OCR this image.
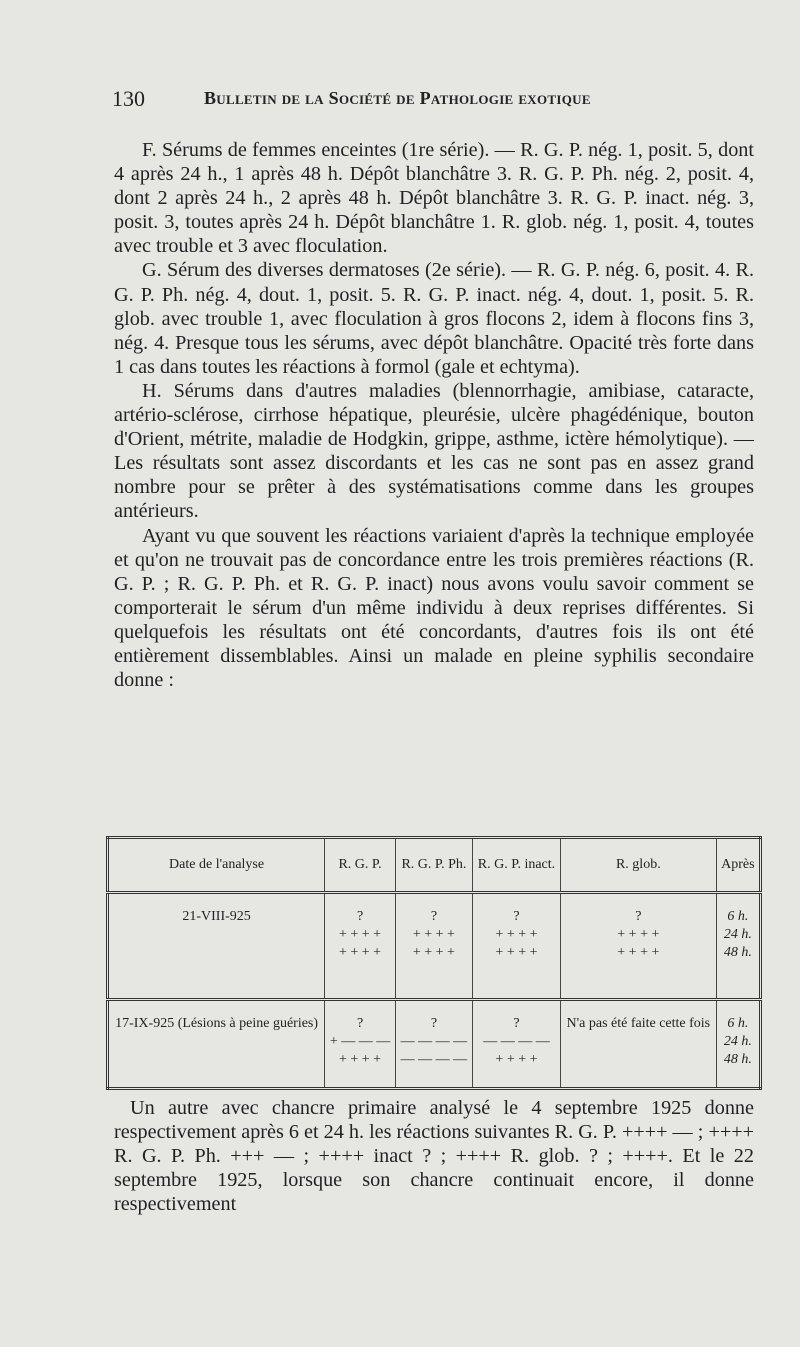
130	Bulletin de la Société de Pathologie exotique

F. Sérums de femmes enceintes (1re série). — R. G. P. nég. 1, posit. 5, dont 4 après 24 h., 1 après 48 h. Dépôt blanchâtre 3. R. G. P. Ph. nég. 2, posit. 4, dont 2 après 24 h., 2 après 48 h. Dépôt blanchâtre 3. R. G. P. inact. nég. 3, posit. 3, toutes après 24 h. Dépôt blanchâtre 1. R. glob. nég. 1, posit. 4, toutes avec trouble et 3 avec floculation.

G. Sérum des diverses dermatoses (2e série). — R. G. P. nég. 6, posit. 4. R. G. P. Ph. nég. 4, dout. 1, posit. 5. R. G. P. inact. nég. 4, dout. 1, posit. 5. R. glob. avec trouble 1, avec floculation à gros flocons 2, idem à flocons fins 3, nég. 4. Presque tous les sérums, avec dépôt blanchâtre. Opacité très forte dans 1 cas dans toutes les réactions à formol (gale et echtyma).

H. Sérums dans d'autres maladies (blennorrhagie, amibiase, cataracte, artério-sclérose, cirrhose hépatique, pleurésie, ulcère phagédénique, bouton d'Orient, métrite, maladie de Hodgkin, grippe, asthme, ictère hémolytique). — Les résultats sont assez discordants et les cas ne sont pas en assez grand nombre pour se prêter à des systématisations comme dans les groupes antérieurs.

Ayant vu que souvent les réactions variaient d'après la technique employée et qu'on ne trouvait pas de concordance entre les trois premières réactions (R. G. P. ; R. G. P. Ph. et R. G. P. inact) nous avons voulu savoir comment se comporterait le sérum d'un même individu à deux reprises différentes. Si quelquefois les résultats ont été concordants, d'autres fois ils ont été entièrement dissemblables. Ainsi un malade en pleine syphilis secondaire donne :

Date de l'analyse	R. G. P.	R. G. P. Ph.	R. G. P. inact.	R. glob.	Après
21-VIII-925	?
+ + + +
+ + + +	?
+ + + +
+ + + +	?
+ + + +
+ + + +	?
+ + + +
+ + + +	6 h.
24 h.
48 h.

17-IX-925 (Lésions à peine guéries)	?
+ — — —
+ + + +	?
— — — —
— — — —	?
— — — —
+ + + +	N'a pas été faite cette fois	6 h.
24 h.
48 h.

Un autre avec chancre primaire analysé le 4 septembre 1925 donne respectivement après 6 et 24 h. les réactions suivantes R. G. P. ++++ — ; ++++ R. G. P. Ph. +++ — ; ++++ inact ? ; ++++ R. glob. ? ; ++++. Et le 22 septembre 1925, lorsque son chancre continuait encore, il donne respectivement
